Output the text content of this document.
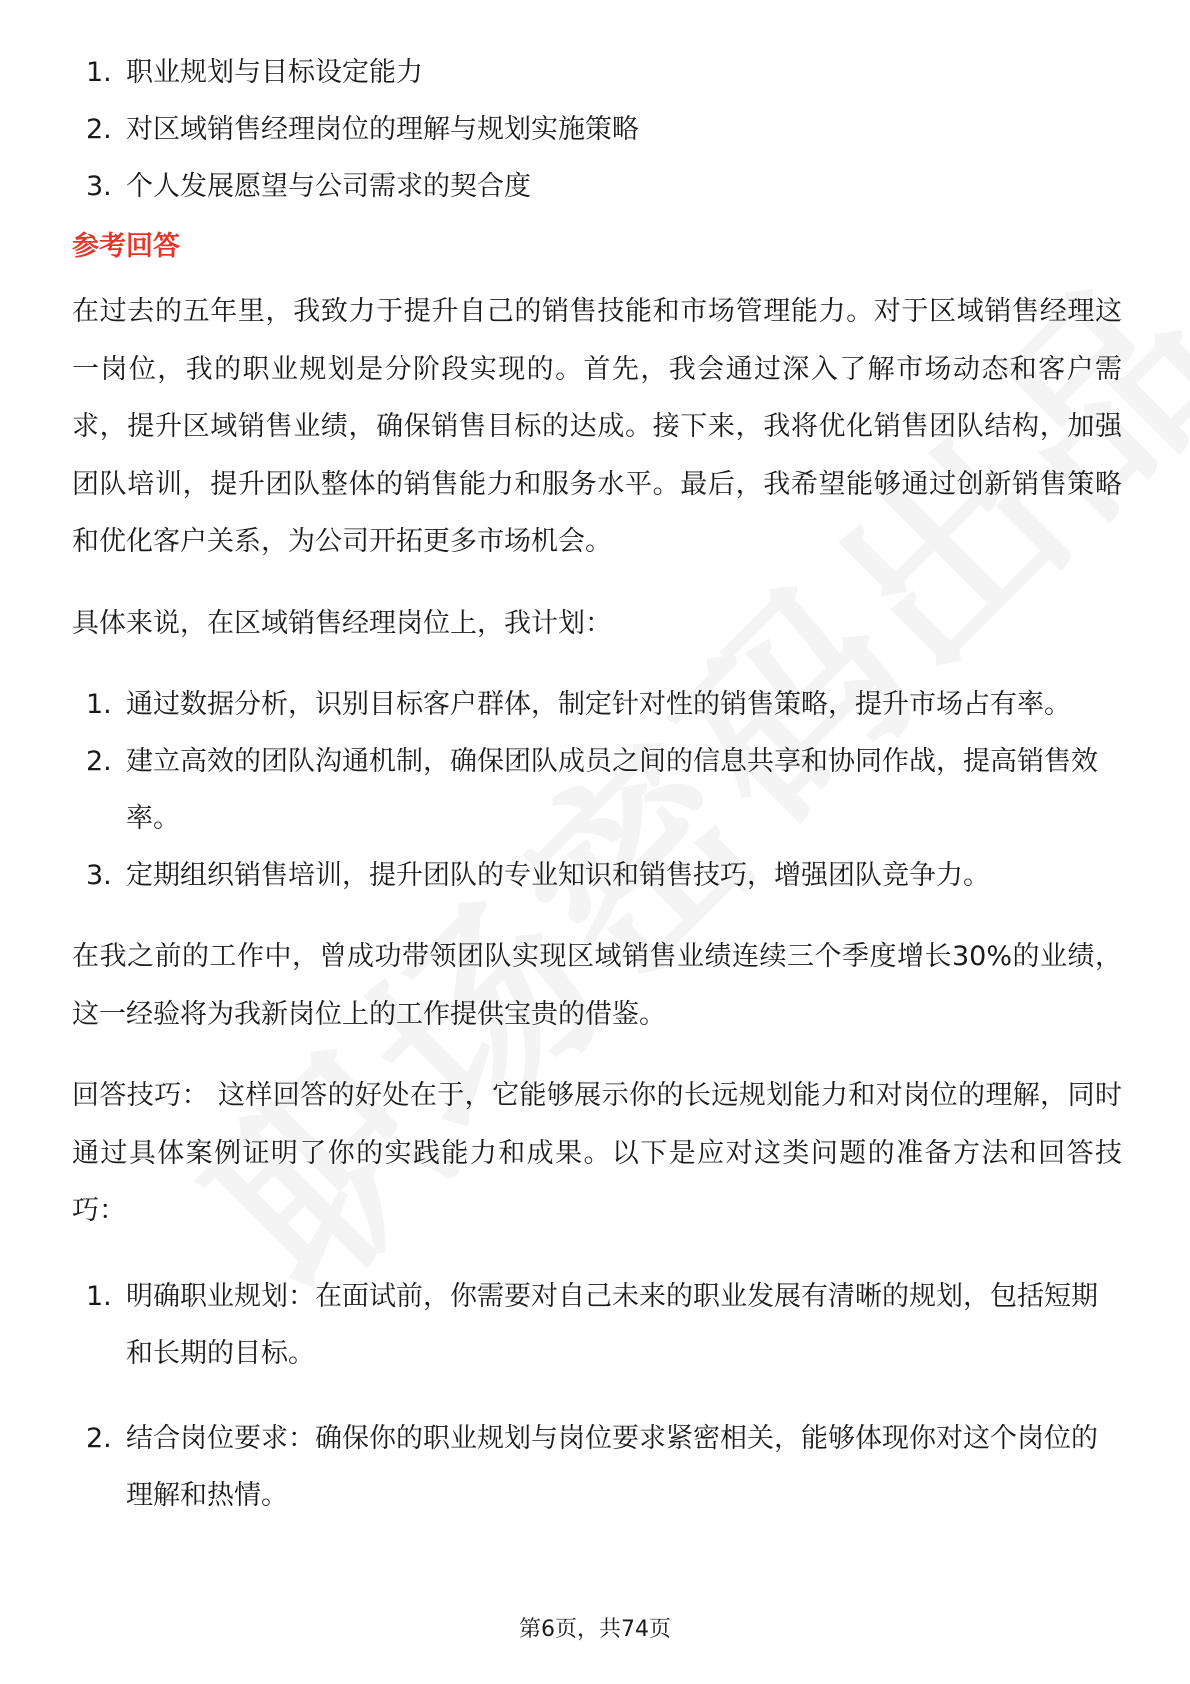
1. 职业规划与目标设定能力
2. 对区域销售经理岗位的理解与规划实施策略
3. 个人发展愿望与公司需求的契合度
参考回答

在过去的五年里，我致力于提升自己的销售技能和市场管理能力。对于区域销售经理这一岗位，我的职业规划是分阶段实现的。首先，我会通过深入了解市场动态和客户需求，提升区域销售业绩，确保销售目标的达成。接下来，我将优化销售团队结构，加强团队培训，提升团队整体的销售能力和服务水平。最后，我希望能够通过创新销售策略和优化客户关系，为公司开拓更多市场机会。

具体来说，在区域销售经理岗位上，我计划：

1. 通过数据分析，识别目标客户群体，制定针对性的销售策略，提升市场占有率。
2. 建立高效的团队沟通机制，确保团队成员之间的信息共享和协同作战，提高销售效率。
3. 定期组织销售培训，提升团队的专业知识和销售技巧，增强团队竞争力。

在我之前的工作中，曾成功带领团队实现区域销售业绩连续三个季度增长30%的业绩，这一经验将为我新岗位上的工作提供宝贵的借鉴。

回答技巧： 这样回答的好处在于，它能够展示你的长远规划能力和对岗位的理解，同时通过具体案例证明了你的实践能力和成果。以下是应对这类问题的准备方法和回答技巧：

1. 明确职业规划：在面试前，你需要对自己未来的职业发展有清晰的规划，包括短期和长期的目标。
2. 结合岗位要求：确保你的职业规划与岗位要求紧密相关，能够体现你对这个岗位的理解和热情。
第6页，共74页
